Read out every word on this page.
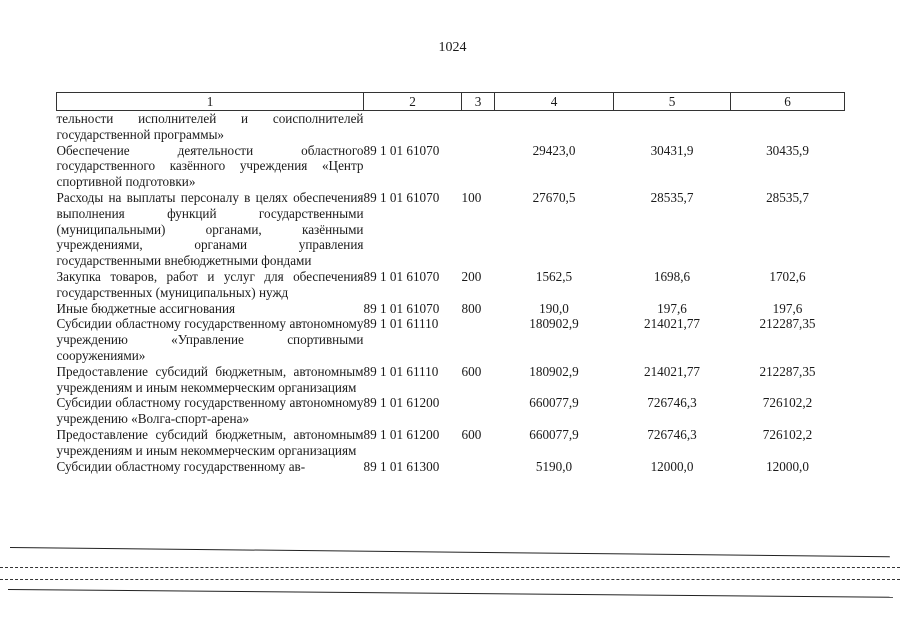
1024
1	2	3	4	5	6
тельности исполнителей и соисполнителей государственной программы»					
Обеспечение деятельности областного государственного казённого учреждения «Центр спортивной подготовки»	89 1 01 61070		29423,0	30431,9	30435,9
Расходы на выплаты персоналу в целях обеспечения выполнения функций государственными (муниципальными) органами, казёнными учреждениями, органами управления государственными внебюджетными фондами	89 1 01 61070	100	27670,5	28535,7	28535,7
Закупка товаров, работ и услуг для обеспечения государственных (муниципальных) нужд	89 1 01 61070	200	1562,5	1698,6	1702,6
Иные бюджетные ассигнования	89 1 01 61070	800	190,0	197,6	197,6
Субсидии областному государственному автономному учреждению «Управление спортивными сооружениями»	89 1 01 61110		180902,9	214021,77	212287,35
Предоставление субсидий бюджетным, автономным учреждениям и иным некоммерческим организациям	89 1 01 61110	600	180902,9	214021,77	212287,35
Субсидии областному государственному автономному учреждению «Волга-спорт-арена»	89 1 01 61200		660077,9	726746,3	726102,2
Предоставление субсидий бюджетным, автономным учреждениям и иным некоммерческим организациям	89 1 01 61200	600	660077,9	726746,3	726102,2
Субсидии областному государственному ав-	89 1 01 61300		5190,0	12000,0	12000,0
